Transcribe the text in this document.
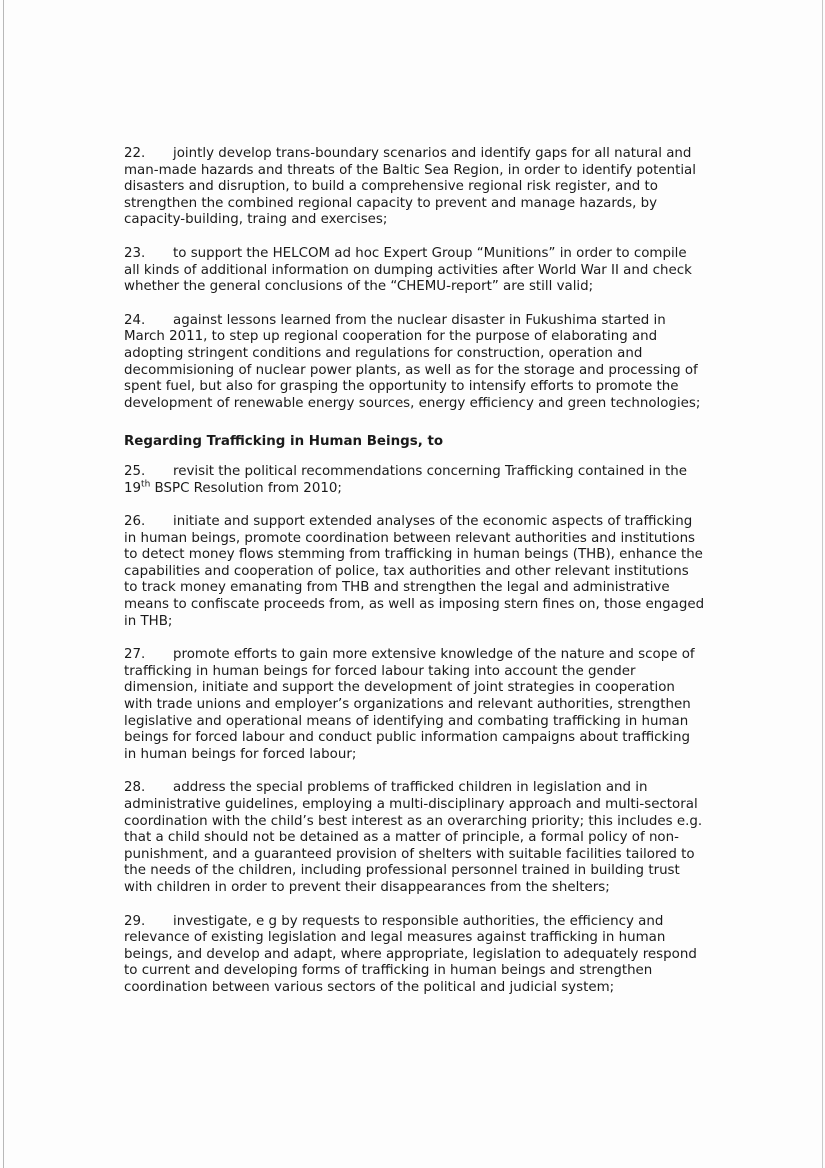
22. jointly develop trans-boundary scenarios and identify gaps for all natural and man-made hazards and threats of the Baltic Sea Region, in order to identify potential disasters and disruption, to build a comprehensive regional risk register, and to strengthen the combined regional capacity to prevent and manage hazards, by capacity-building, traing and exercises;

23. to support the HELCOM ad hoc Expert Group “Munitions” in order to compile all kinds of additional information on dumping activities after World War II and check whether the general conclusions of the “CHEMU-report” are still valid;

24. against lessons learned from the nuclear disaster in Fukushima started in March 2011, to step up regional cooperation for the purpose of elaborating and adopting stringent conditions and regulations for construction, operation and decommisioning of nuclear power plants, as well as for the storage and processing of spent fuel, but also for grasping the opportunity to intensify efforts to promote the development of renewable energy sources, energy efficiency and green technologies;

Regarding Trafficking in Human Beings, to

25. revisit the political recommendations concerning Trafficking contained in the 19th BSPC Resolution from 2010;

26. initiate and support extended analyses of the economic aspects of trafficking in human beings, promote coordination between relevant authorities and institutions to detect money flows stemming from trafficking in human beings (THB), enhance the capabilities and cooperation of police, tax authorities and other relevant institutions to track money emanating from THB and strengthen the legal and administrative means to confiscate proceeds from, as well as imposing stern fines on, those engaged in THB;

27. promote efforts to gain more extensive knowledge of the nature and scope of trafficking in human beings for forced labour taking into account the gender dimension, initiate and support the development of joint strategies in cooperation with trade unions and employer’s organizations and relevant authorities, strengthen legislative and operational means of identifying and combating trafficking in human beings for forced labour and conduct public information campaigns about trafficking in human beings for forced labour;

28. address the special problems of trafficked children in legislation and in administrative guidelines, employing a multi-disciplinary approach and multi-sectoral coordination with the child’s best interest as an overarching priority; this includes e.g. that a child should not be detained as a matter of principle, a formal policy of non-punishment, and a guaranteed provision of shelters with suitable facilities tailored to the needs of the children, including professional personnel trained in building trust with children in order to prevent their disappearances from the shelters;

29. investigate, e g by requests to responsible authorities, the efficiency and relevance of existing legislation and legal measures against trafficking in human beings, and develop and adapt, where appropriate, legislation to adequately respond to current and developing forms of trafficking in human beings and strengthen coordination between various sectors of the political and judicial system;
